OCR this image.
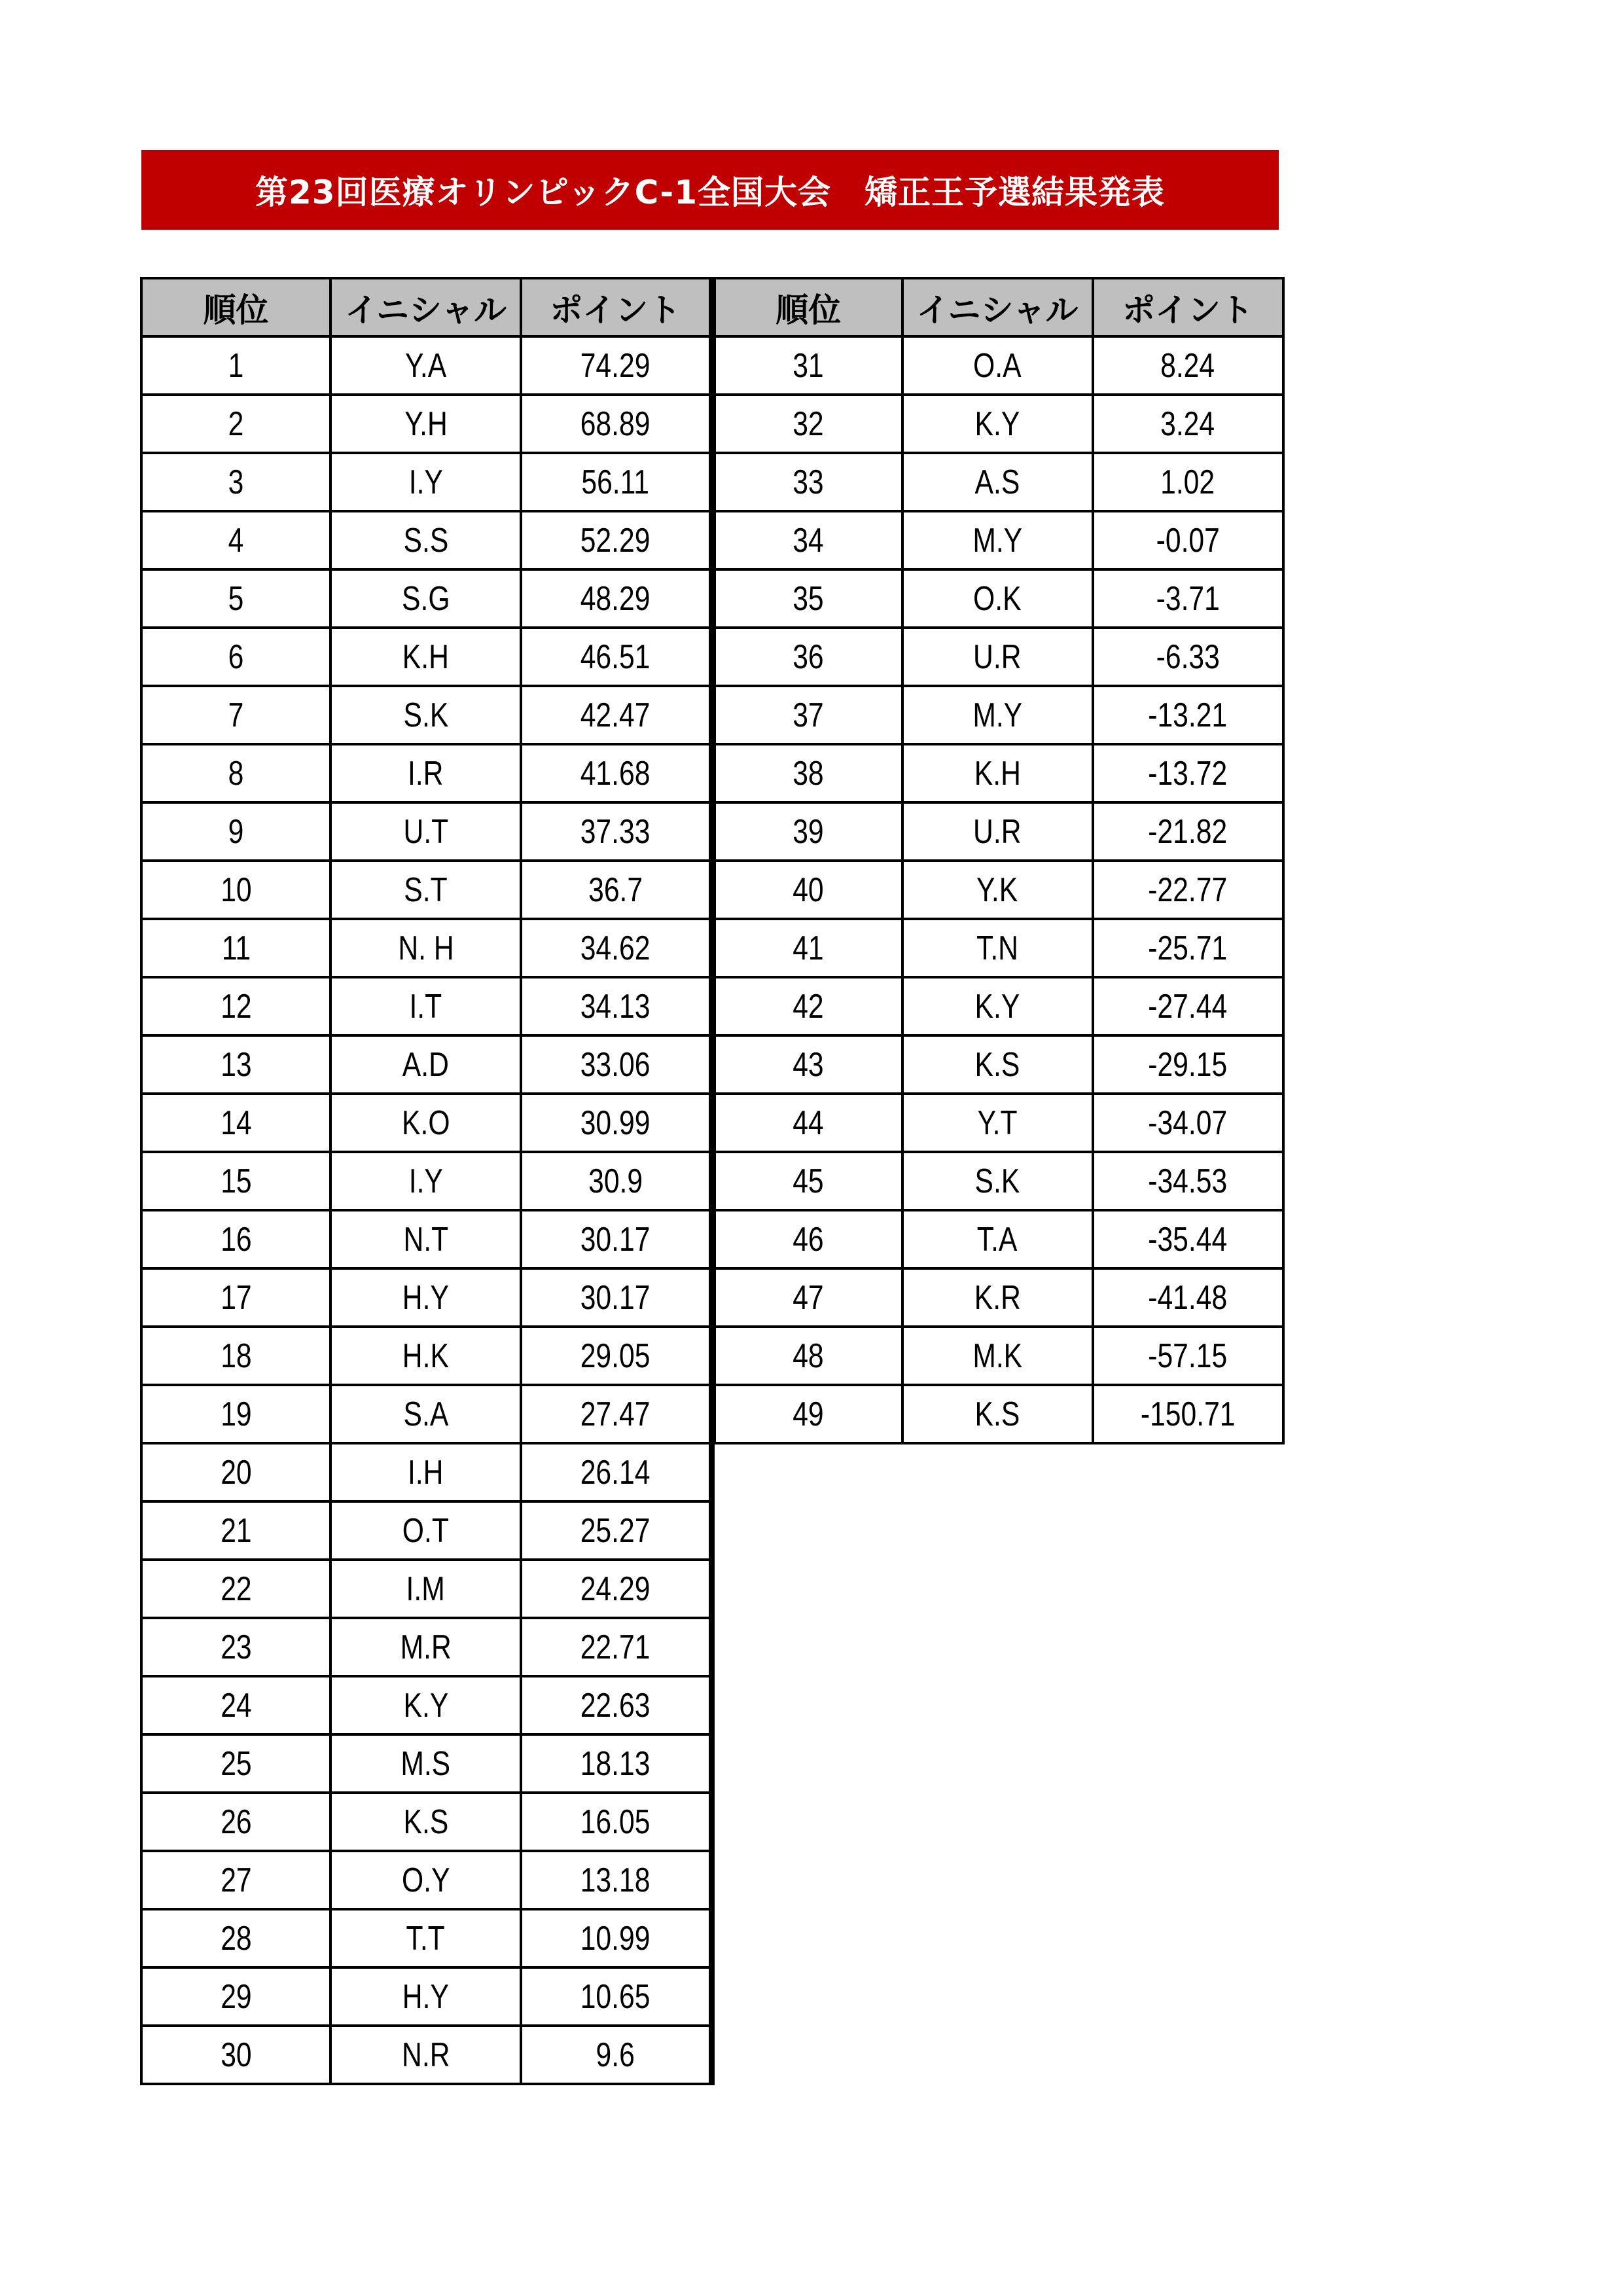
第23回医療オリンピックC-1全国大会　矯正王予選結果発表
順位	イニシャル	ポイント
1	Y.A	74.29
2	Y.H	68.89
3	I.Y	56.11
4	S.S	52.29
5	S.G	48.29
6	K.H	46.51
7	S.K	42.47
8	I.R	41.68
9	U.T	37.33
10	S.T	36.7
11	N. H	34.62
12	I.T	34.13
13	A.D	33.06
14	K.O	30.99
15	I.Y	30.9
16	N.T	30.17
17	H.Y	30.17
18	H.K	29.05
19	S.A	27.47
20	I.H	26.14
21	O.T	25.27
22	I.M	24.29
23	M.R	22.71
24	K.Y	22.63
25	M.S	18.13
26	K.S	16.05
27	O.Y	13.18
28	T.T	10.99
29	H.Y	10.65
30	N.R	9.6
順位	イニシャル	ポイント
31	O.A	8.24
32	K.Y	3.24
33	A.S	1.02
34	M.Y	-0.07
35	O.K	-3.71
36	U.R	-6.33
37	M.Y	-13.21
38	K.H	-13.72
39	U.R	-21.82
40	Y.K	-22.77
41	T.N	-25.71
42	K.Y	-27.44
43	K.S	-29.15
44	Y.T	-34.07
45	S.K	-34.53
46	T.A	-35.44
47	K.R	-41.48
48	M.K	-57.15
49	K.S	-150.71
